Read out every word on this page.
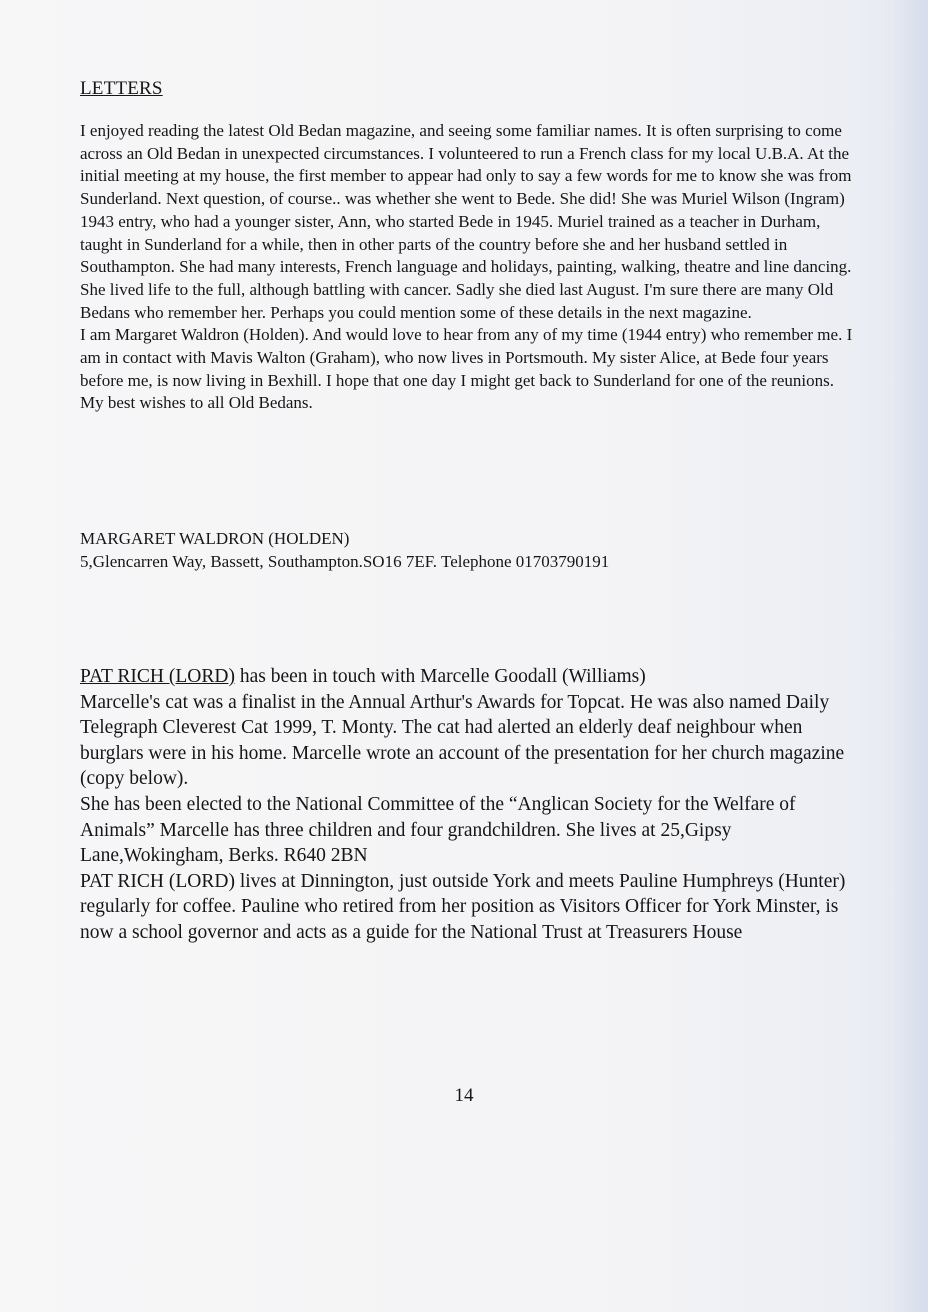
LETTERS

I enjoyed reading the latest Old Bedan magazine, and seeing some familiar names. It is often surprising to come across an Old Bedan in unexpected circumstances. I volunteered to run a French class for my local U.B.A. At the initial meeting at my house, the first member to appear had only to say a few words for me to know she was from Sunderland. Next question, of course.. was whether she went to Bede. She did! She was Muriel Wilson (Ingram) 1943 entry, who had a younger sister, Ann, who started Bede in 1945. Muriel trained as a teacher in Durham, taught in Sunderland for a while, then in other parts of the country before she and her husband settled in Southampton. She had many interests, French language and holidays, painting, walking, theatre and line dancing. She lived life to the full, although battling with cancer. Sadly she died last August. I'm sure there are many Old Bedans who remember her. Perhaps you could mention some of these details in the next magazine.

I am Margaret Waldron (Holden). And would love to hear from any of my time (1944 entry) who remember me. I am in contact with Mavis Walton (Graham), who now lives in Portsmouth. My sister Alice, at Bede four years before me, is now living in Bexhill. I hope that one day I might get back to Sunderland for one of the reunions.

My best wishes to all Old Bedans.

MARGARET WALDRON (HOLDEN)
5,Glencarren Way, Bassett, Southampton.SO16 7EF. Telephone 01703790191

PAT RICH (LORD) has been in touch with Marcelle Goodall (Williams)

Marcelle's cat was a finalist in the Annual Arthur's Awards for Topcat. He was also named Daily Telegraph Cleverest Cat 1999, T. Monty. The cat had alerted an elderly deaf neighbour when burglars were in his home. Marcelle wrote an account of the presentation for her church magazine (copy below).

She has been elected to the National Committee of the “Anglican Society for the Welfare of Animals” Marcelle has three children and four grandchildren. She lives at 25,Gipsy Lane,Wokingham, Berks. R640 2BN

PAT RICH (LORD) lives at Dinnington, just outside York and meets Pauline Humphreys (Hunter) regularly for coffee. Pauline who retired from her position as Visitors Officer for York Minster, is now a school governor and acts as a guide for the National Trust at Treasurers House

14
